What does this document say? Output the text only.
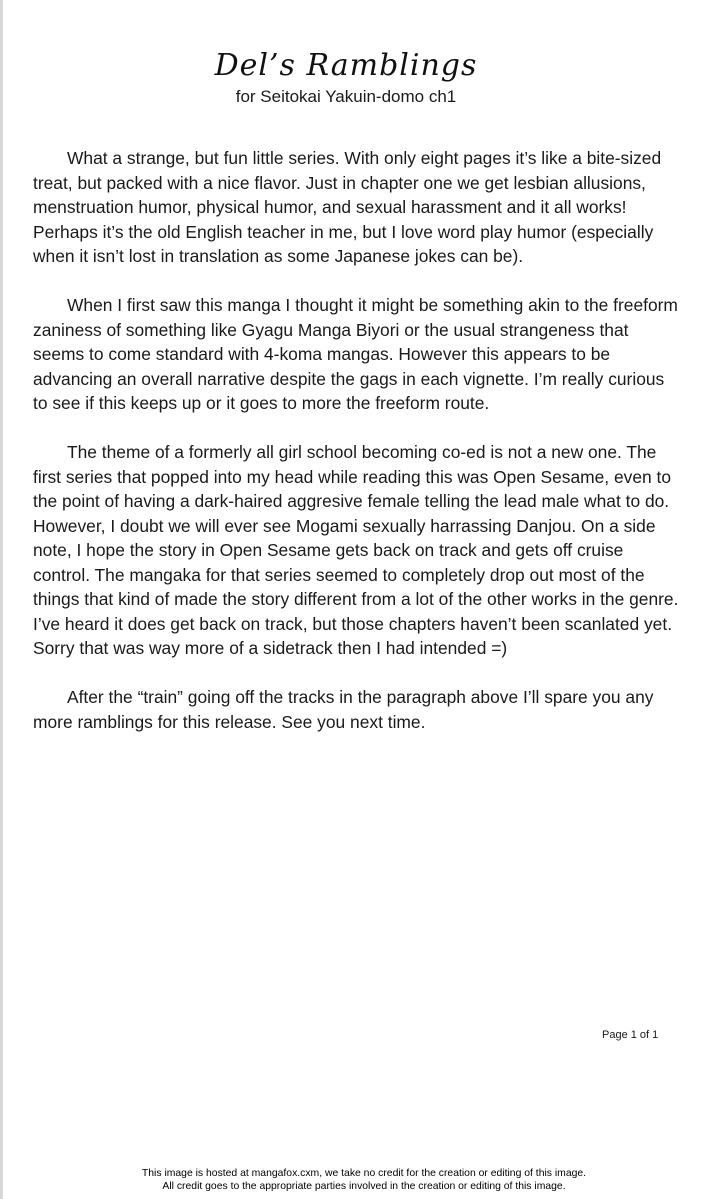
Del’s Ramblings
for Seitokai Yakuin-domo ch1

What a strange, but fun little series. With only eight pages it’s like a bite-sized treat, but packed with a nice flavor. Just in chapter one we get lesbian allusions, menstruation humor, physical humor, and sexual harassment and it all works! Perhaps it’s the old English teacher in me, but I love word play humor (especially when it isn’t lost in translation as some Japanese jokes can be).

When I first saw this manga I thought it might be something akin to the freeform zaniness of something like Gyagu Manga Biyori or the usual strangeness that seems to come standard with 4-koma mangas. However this appears to be advancing an overall narrative despite the gags in each vignette. I’m really curious to see if this keeps up or it goes to more the freeform route.

The theme of a formerly all girl school becoming co-ed is not a new one. The first series that popped into my head while reading this was Open Sesame, even to the point of having a dark-haired aggresive female telling the lead male what to do. However, I doubt we will ever see Mogami sexually harrassing Danjou. On a side note, I hope the story in Open Sesame gets back on track and gets off cruise control. The mangaka for that series seemed to completely drop out most of the things that kind of made the story different from a lot of the other works in the genre. I’ve heard it does get back on track, but those chapters haven’t been scanlated yet. Sorry that was way more of a sidetrack then I had intended =)

After the “train” going off the tracks in the paragraph above I’ll spare you any more ramblings for this release. See you next time.

Page 1 of 1
This image is hosted at mangafox.cxm, we take no credit for the creation or editing of this image.
All credit goes to the appropriate parties involved in the creation or editing of this image.
